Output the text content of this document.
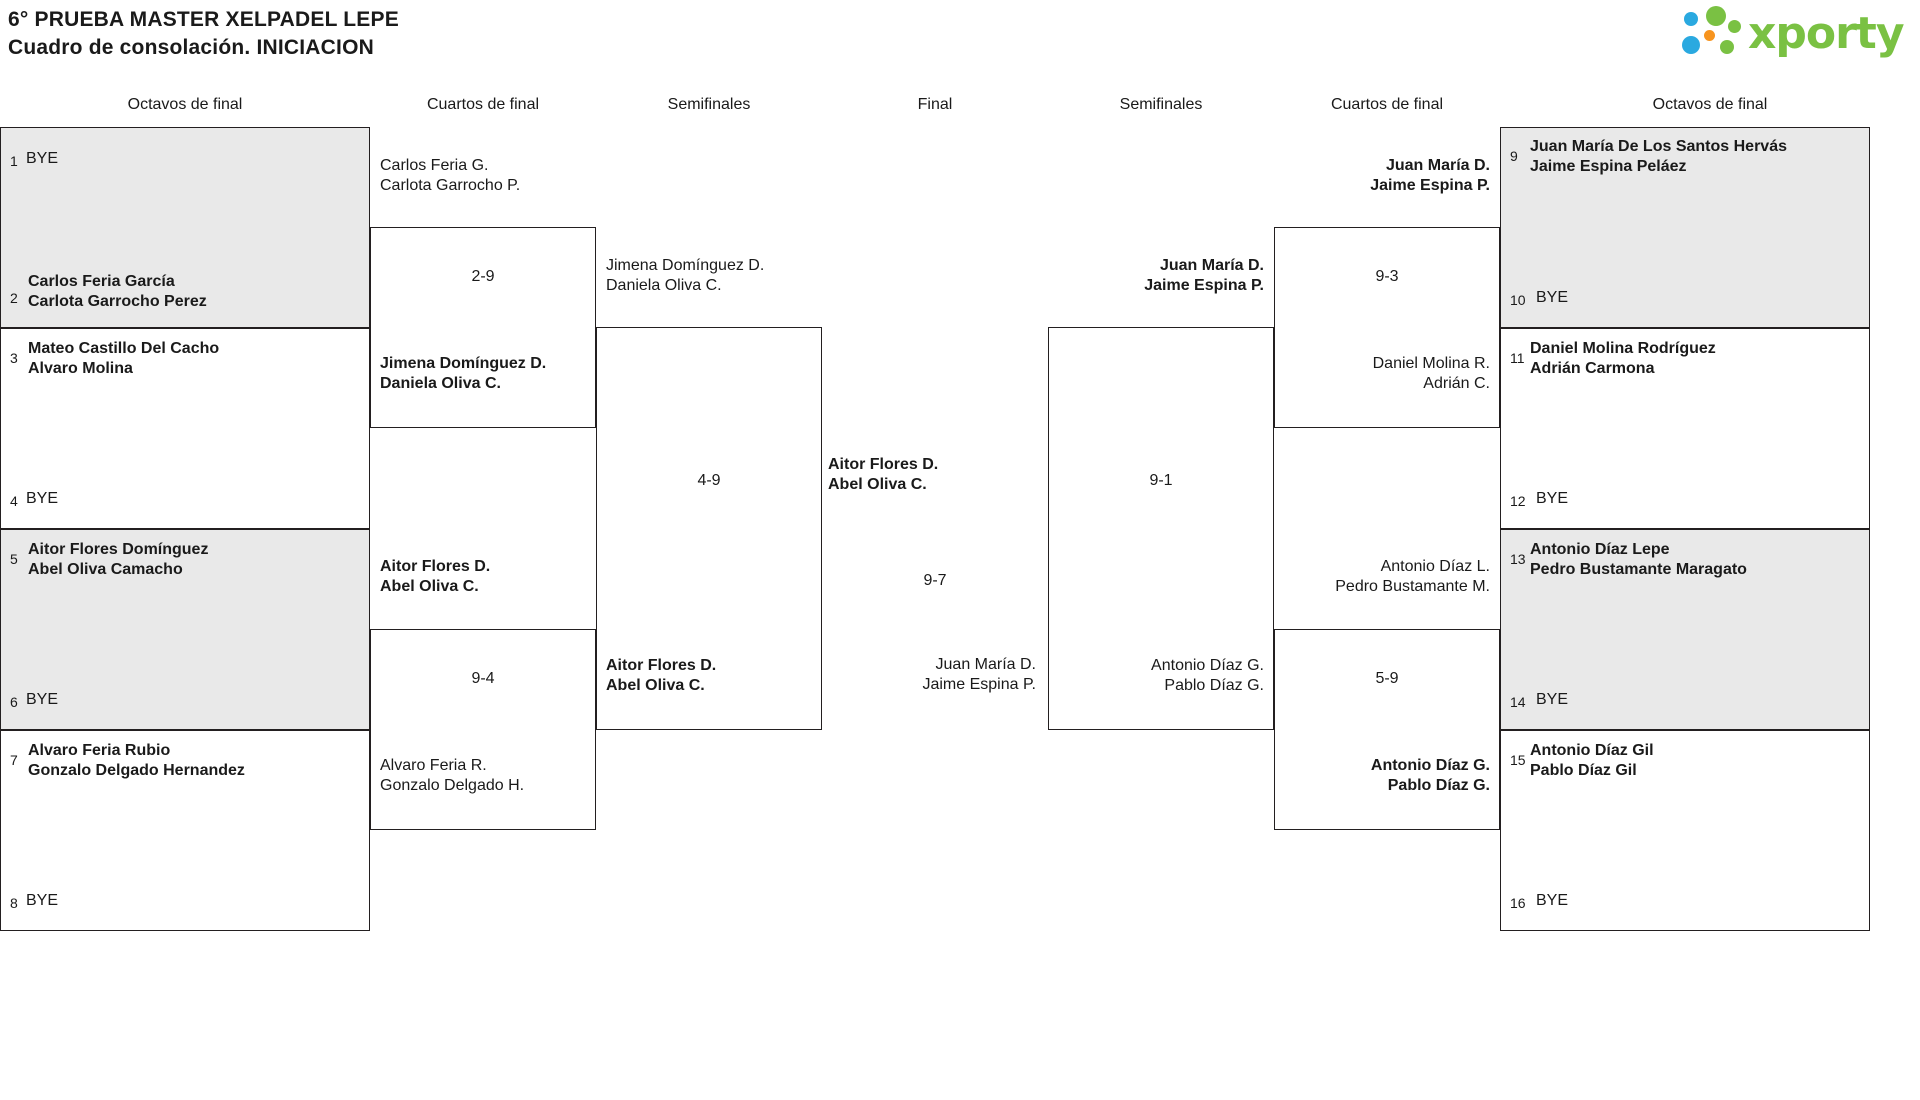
6° PRUEBA MASTER XELPADEL LEPE
Cuadro de consolación. INICIACION	xporty
Octavos de final	Cuartos de final	Semifinales	Final	Semifinales	Cuartos de final	Octavos de final
1 BYE
2
Carlos Feria García
Carlota Garrocho Perez
3
Mateo Castillo Del Cacho
Alvaro Molina
4 BYE
5
Aitor Flores Domínguez
Abel Oliva Camacho
6 BYE
7
Alvaro Feria Rubio
Gonzalo Delgado Hernandez
8 BYE
Carlos Feria G.
Carlota Garrocho P.
2-9
Jimena Domínguez D.
Daniela Oliva C.
Aitor Flores D.
Abel Oliva C.
9-4
Alvaro Feria R.
Gonzalo Delgado H.
Jimena Domínguez D.
Daniela Oliva C.
4-9
Aitor Flores D.
Abel Oliva C.
Aitor Flores D.
Abel Oliva C.
9-7
Juan María D.
Jaime Espina P.
Juan María D.
Jaime Espina P.
9-1
Antonio Díaz G.
Pablo Díaz G.
Juan María D.
Jaime Espina P.
9-3
Daniel Molina R.
Adrián C.
Antonio Díaz L.
Pedro Bustamante M.
5-9
Antonio Díaz G.
Pablo Díaz G.
9
Juan María De Los Santos Hervás
Jaime Espina Peláez
10 BYE
11
Daniel Molina Rodríguez
Adrián Carmona
12 BYE
13
Antonio Díaz Lepe
Pedro Bustamante Maragato
14 BYE
15
Antonio Díaz Gil
Pablo Díaz Gil
16 BYE
